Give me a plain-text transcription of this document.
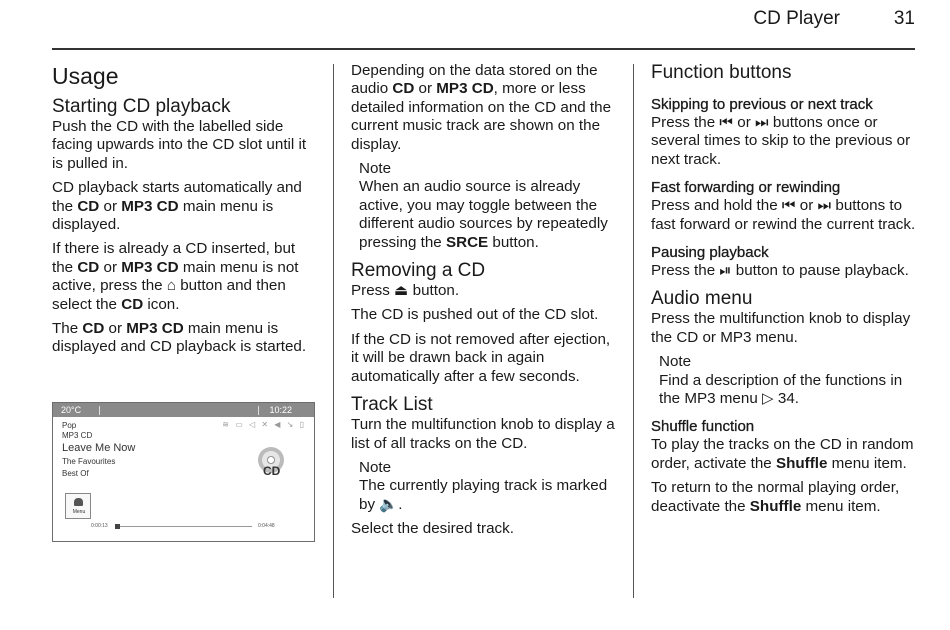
CD Player	31
Usage
Starting CD playback

Push the CD with the labelled side facing upwards into the CD slot until it is pulled in.

CD playback starts automatically and the CD or MP3 CD main menu is displayed.

If there is already a CD inserted, but the CD or MP3 CD main menu is not active, press the ⌂ button and then select the CD icon.

The CD or MP3 CD main menu is displayed and CD playback is started.

20°C	10:22
≋ ▭ ◁ ✕ ◀ ↘ ▯
Pop
MP3 CD
Leave Me Now
The Favourites
Best Of	CD
Menu
0:00:13	0:04:48

Depending on the data stored on the audio CD or MP3 CD, more or less detailed information on the CD and the current music track are shown on the display.

Note
When an audio source is already active, you may toggle between the different audio sources by repeatedly pressing the SRCE button.
Removing a CD

Press ⏏ button.

The CD is pushed out of the CD slot.

If the CD is not removed after ejection, it will be drawn back in again automatically after a few seconds.

Track List

Turn the multifunction knob to display a list of all tracks on the CD.

Note
The currently playing track is marked by 🔈.

Select the desired track.

Function buttons
Skipping to previous or next track

Press the ⏮ or ⏭ buttons once or several times to skip to the previous or next track.

Fast forwarding or rewinding

Press and hold the ⏮ or ⏭ buttons to fast forward or rewind the current track.

Pausing playback

Press the ⏯ button to pause playback.

Audio menu

Press the multifunction knob to display the CD or MP3 menu.

Note
Find a description of the functions in the MP3 menu ▷ 34.
Shuffle function

To play the tracks on the CD in random order, activate the Shuffle menu item.

To return to the normal playing order, deactivate the Shuffle menu item.
